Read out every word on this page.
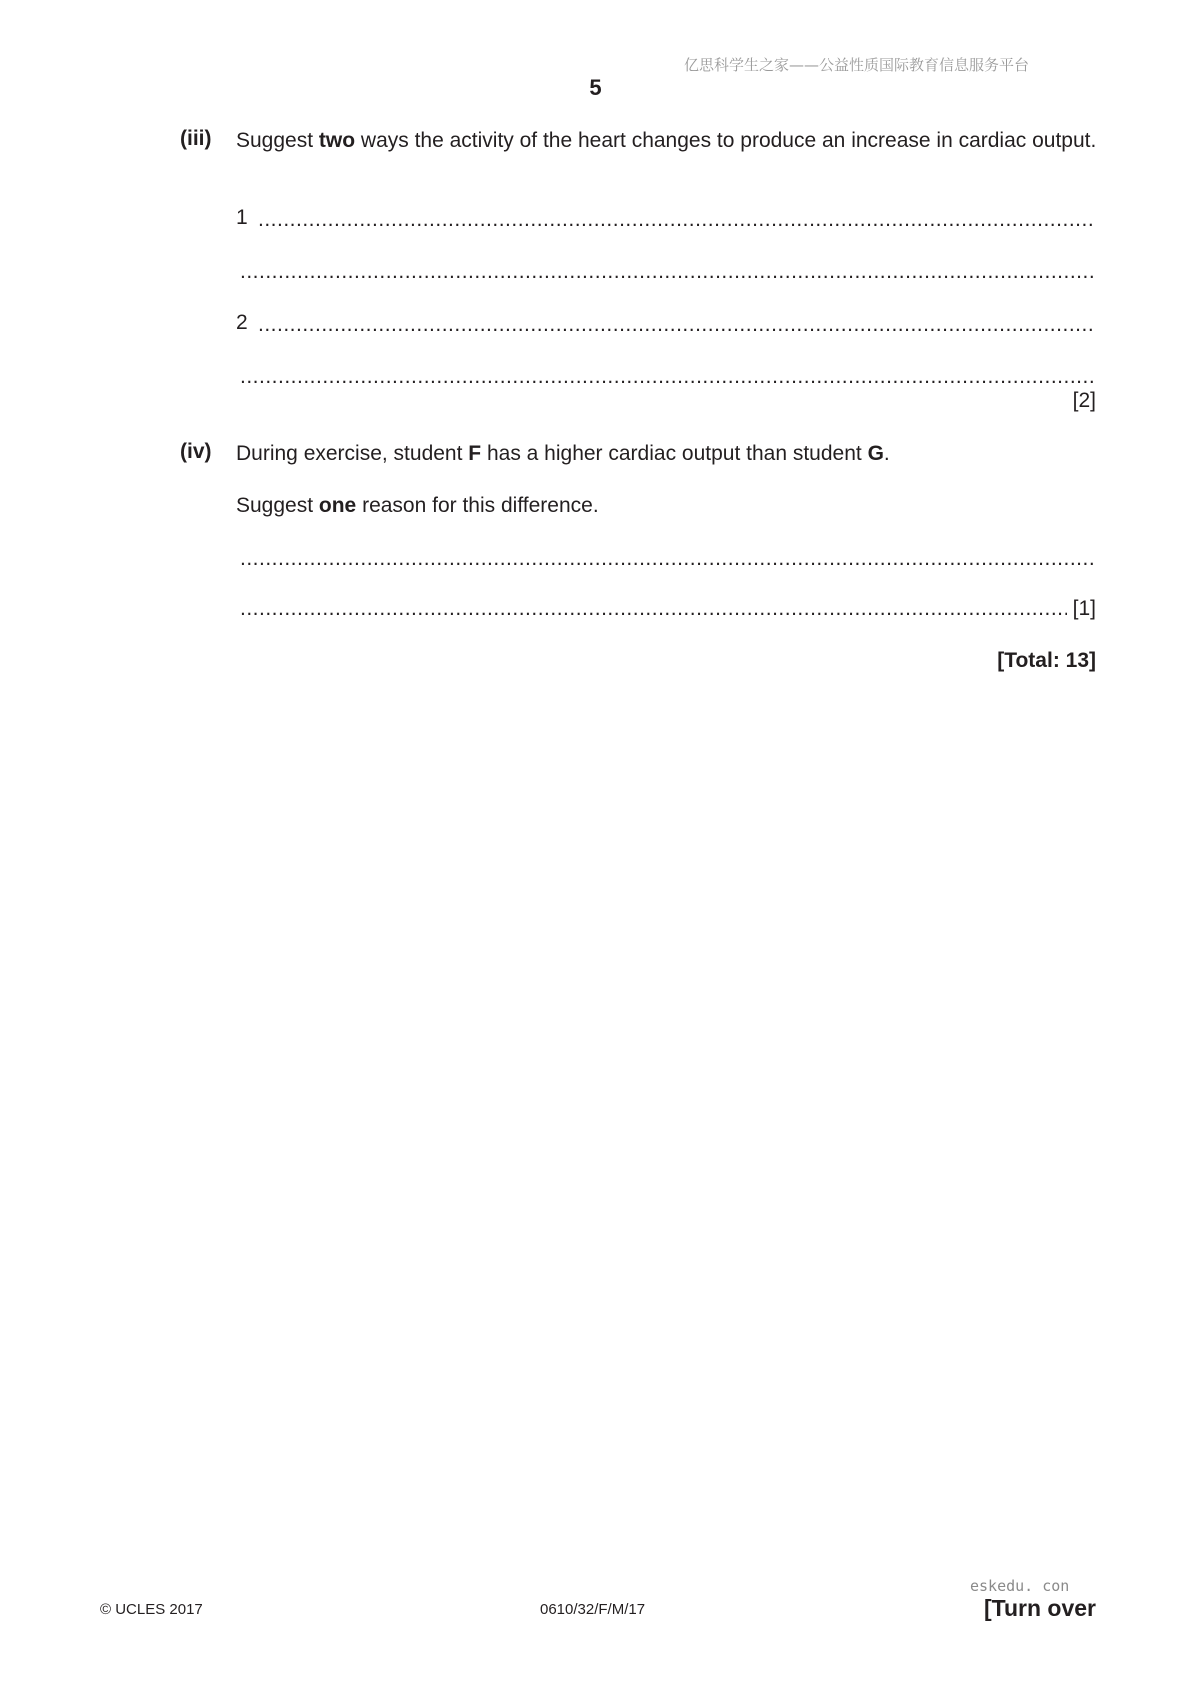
亿思科学生之家——公益性质国际教育信息服务平台
5
(iii) Suggest two ways the activity of the heart changes to produce an increase in cardiac output.
1
.....
.....
2
.....
.....
[2]
(iv) During exercise, student F has a higher cardiac output than student G.
Suggest one reason for this difference.
.....
.....
[1]
[Total: 13]
eskedu. con
© UCLES 2017	0610/32/F/M/17	[Turn over
